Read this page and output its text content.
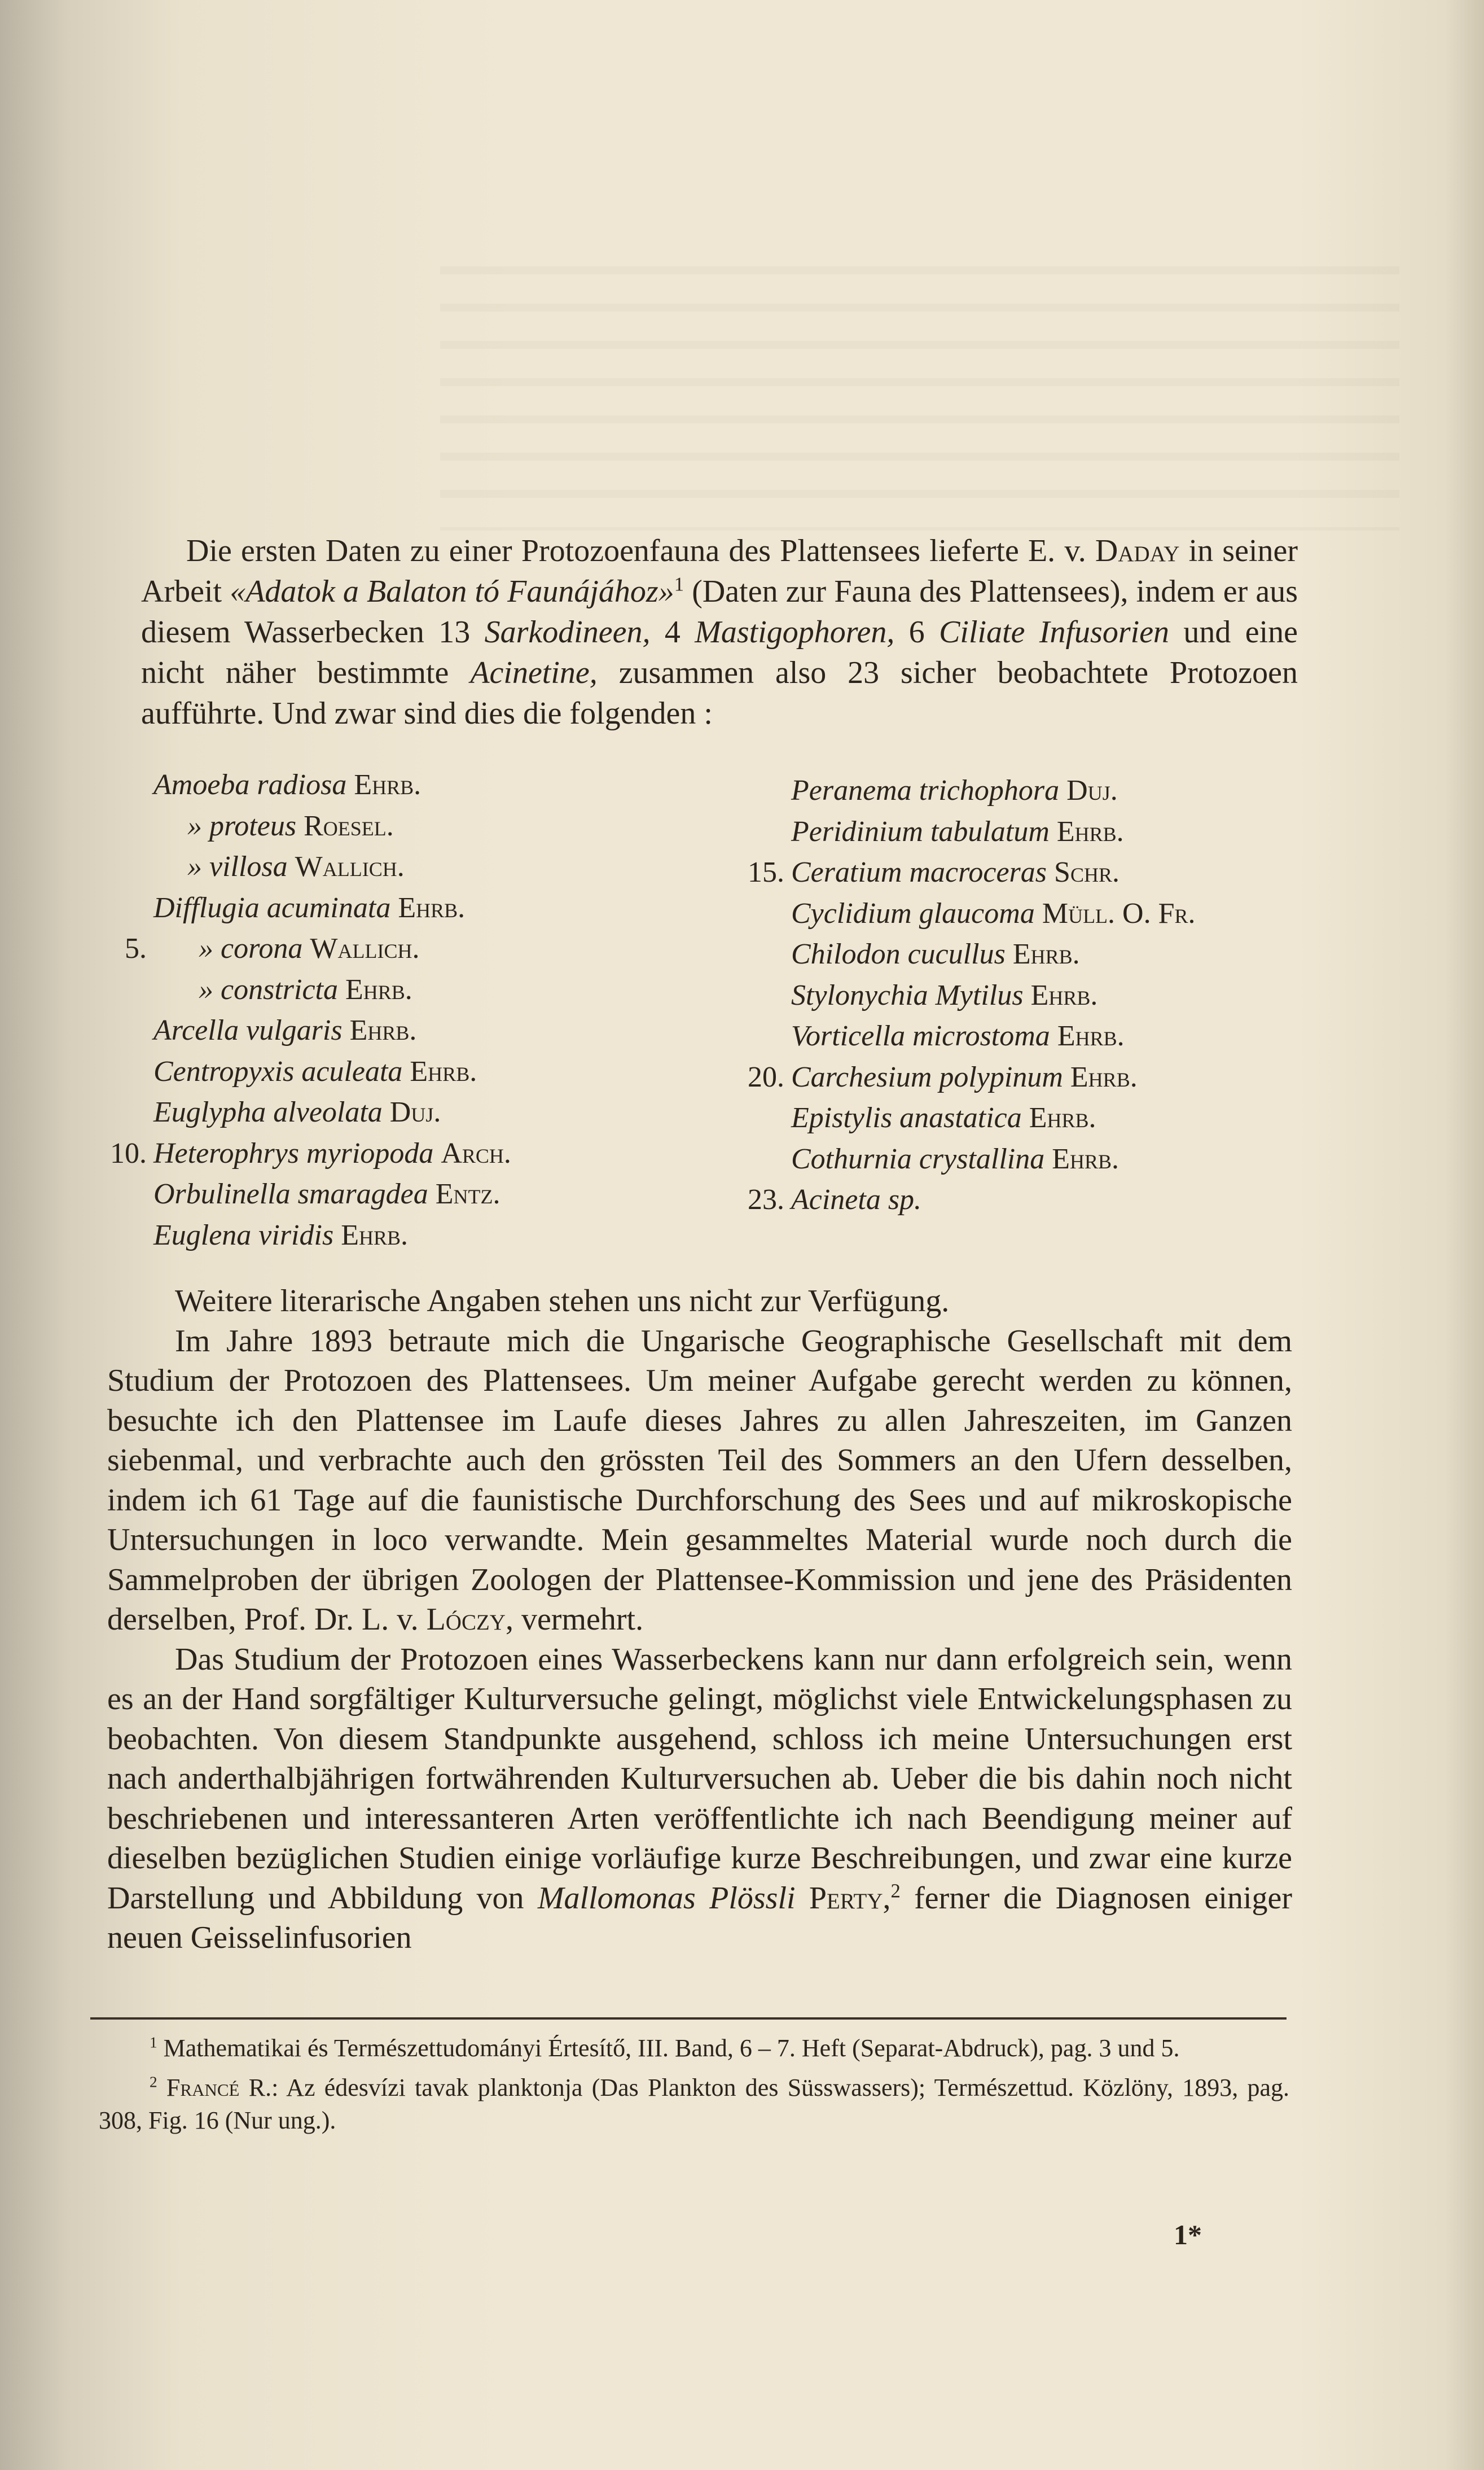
Die ersten Daten zu einer Protozoenfauna des Plattensees lieferte E. v. Daday in seiner Arbeit «Adatok a Balaton tó Faunájához»$^1$ (Daten zur Fauna des Plattensees), indem er aus diesem Wasserbecken 13 Sarkodineen, 4 Mastigophoren, 6 Ciliate Infusorien und eine nicht näher bestimmte Acinetine, zusammen also 23 sicher beobachtete Protozoen aufführte. Und zwar sind dies die folgenden :

Amoeba radiosa Ehrb.
» proteus Roesel.
» villosa Wallich.
Difflugia acuminata Ehrb.
5. » corona Wallich.
» constricta Ehrb.
Arcella vulgaris Ehrb.
Centropyxis aculeata Ehrb.
Euglypha alveolata Duj.
10. Heterophrys myriopoda Arch.
Orbulinella smaragdea Entz.
Euglena viridis Ehrb.
Peranema trichophora Duj.
Peridinium tabulatum Ehrb.
15. Ceratium macroceras Schr.
Cyclidium glaucoma Müll. O. Fr.
Chilodon cucullus Ehrb.
Stylonychia Mytilus Ehrb.
Vorticella microstoma Ehrb.
20. Carchesium polypinum Ehrb.
Epistylis anastatica Ehrb.
Cothurnia crystallina Ehrb.
23. Acineta sp.

Weitere literarische Angaben stehen uns nicht zur Verfügung.

Im Jahre 1893 betraute mich die Ungarische Geographische Gesellschaft mit dem Studium der Protozoen des Plattensees. Um meiner Aufgabe gerecht werden zu können, besuchte ich den Plattensee im Laufe dieses Jahres zu allen Jahreszeiten, im Ganzen siebenmal, und verbrachte auch den grössten Teil des Sommers an den Ufern desselben, indem ich 61 Tage auf die faunistische Durchforschung des Sees und auf mikroskopische Untersuchungen in loco verwandte. Mein gesammeltes Material wurde noch durch die Sammelproben der übrigen Zoologen der Plattensee-Kommission und jene des Präsidenten derselben, Prof. Dr. L. v. Lóczy, vermehrt.

Das Studium der Protozoen eines Wasserbeckens kann nur dann erfolgreich sein, wenn es an der Hand sorgfältiger Kulturversuche gelingt, möglichst viele Entwickelungsphasen zu beobachten. Von diesem Standpunkte ausgehend, schloss ich meine Untersuchungen erst nach anderthalbjährigen fortwährenden Kulturversuchen ab. Ueber die bis dahin noch nicht beschriebenen und interessanteren Arten veröffentlichte ich nach Beendigung meiner auf dieselben bezüglichen Studien einige vorläufige kurze Beschreibungen, und zwar eine kurze Darstellung und Abbildung von Mallomonas Plössli Perty,$^2$ ferner die Diagnosen einiger neuen Geisselinfusorien

$^1$ Mathematikai és Természettudományi Értesítő, III. Band, 6 – 7. Heft (Separat-Abdruck), pag. 3 und 5.

$^2$ Francé R.: Az édesvízi tavak planktonja (Das Plankton des Süsswassers); Természettud. Közlöny, 1893, pag. 308, Fig. 16 (Nur ung.).

1*
